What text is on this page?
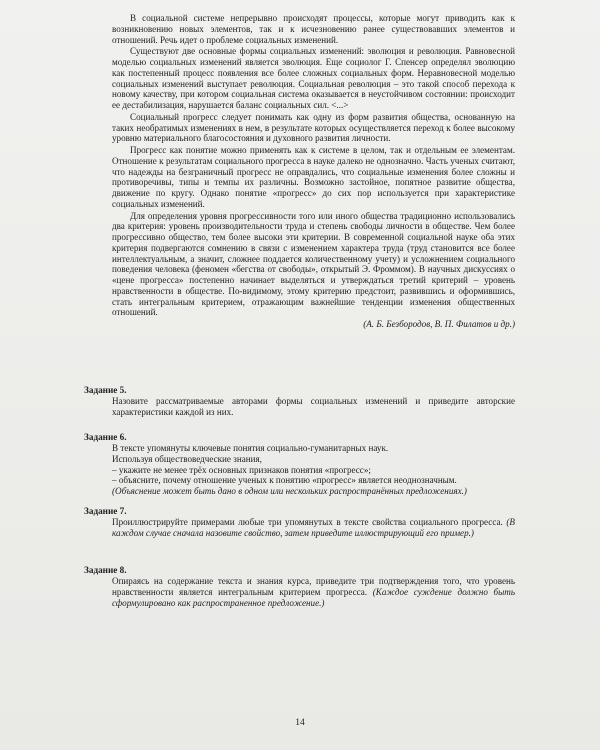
В социальной системе непрерывно происходят процессы, которые могут приводить как к возникновению новых элементов, так и к исчезновению ранее существовавших элементов и отношений. Речь идет о проблеме социальных изменений.

Существуют две основные формы социальных изменений: эволюция и революция. Равновесной моделью социальных изменений является эволюция. Еще социолог Г. Спенсер определял эволюцию как постепенный процесс появления все более сложных социальных форм. Неравновесной моделью социальных изменений выступает революция. Социальная революция – это такой способ перехода к новому качеству, при котором социальная система оказывается в неустойчивом состоянии: происходит ее дестабилизация, нарушается баланс социальных сил. <...>

Социальный прогресс следует понимать как одну из форм развития общества, основанную на таких необратимых изменениях в нем, в результате которых осуществляется переход к более высокому уровню материального благосостояния и духовного развития личности.

Прогресс как понятие можно применять как к системе в целом, так и отдельным ее элементам. Отношение к результатам социального прогресса в науке далеко не однозначно. Часть ученых считают, что надежды на безграничный прогресс не оправдались, что социальные изменения более сложны и противоречивы, типы и темпы их различны. Возможно застойное, попятное развитие общества, движение по кругу. Однако понятие «прогресс» до сих пор используется при характеристике социальных изменений.

Для определения уровня прогрессивности того или иного общества традиционно использовались два критерия: уровень производительности труда и степень свободы личности в обществе. Чем более прогрессивно общество, тем более высоки эти критерии. В современной социальной науке оба этих критерия подвергаются сомнению в связи с изменением характера труда (труд становится все более интеллектуальным, а значит, сложнее поддается количественному учету) и усложнением социального поведения человека (феномен «бегства от свободы», открытый Э. Фроммом). В научных дискуссиях о «цене прогресса» постепенно начинает выделяться и утверждаться третий критерий – уровень нравственности в обществе. По-видимому, этому критерию предстоит, развившись и оформившись, стать интегральным критерием, отражающим важнейшие тенденции изменения общественных отношений.

(А. Б. Безбородов, В. П. Филатов и др.)

Задание 5.

Назовите рассматриваемые авторами формы социальных изменений и приведите авторские характеристики каждой из них.

Задание 6.

В тексте упомянуты ключевые понятия социально-гуманитарных наук.

Используя обществоведческие знания,

– укажите не менее трёх основных признаков понятия «прогресс»;

– объясните, почему отношение ученых к понятию «прогресс» является неоднозначным.

(Объяснение может быть дано в одном или нескольких распространённых предложениях.)

Задание 7.

Проиллюстрируйте примерами любые три упомянутых в тексте свойства социального прогресса. (В каждом случае сначала назовите свойство, затем приведите иллюстрирующий его пример.)

Задание 8.

Опираясь на содержание текста и знания курса, приведите три подтверждения того, что уровень нравственности является интегральным критерием прогресса. (Каждое суждение должно быть сформулировано как распространенное предложение.)

14
